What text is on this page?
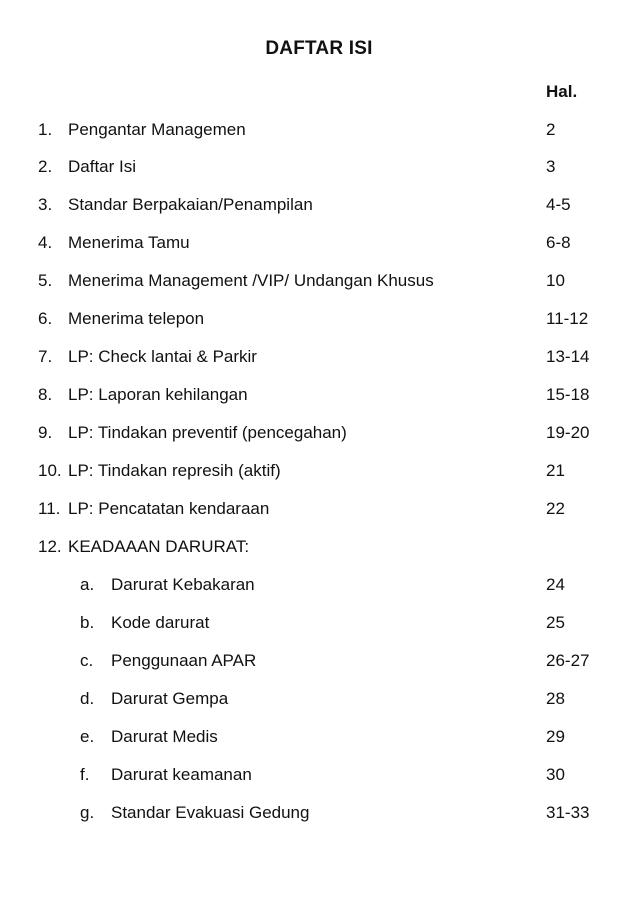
DAFTAR ISI
Hal.
1. Pengantar Managemen	2
2. Daftar Isi	3
3. Standar Berpakaian/Penampilan	4-5
4. Menerima Tamu	6-8
5. Menerima Management /VIP/ Undangan Khusus	10
6. Menerima telepon	11-12
7. LP: Check lantai & Parkir	13-14
8. LP: Laporan kehilangan	15-18
9. LP: Tindakan preventif (pencegahan)	19-20
10. LP: Tindakan represih (aktif)	21
11. LP: Pencatatan kendaraan	22
12. KEADAAAN DARURAT:
a. Darurat Kebakaran	24
b. Kode darurat	25
c. Penggunaan APAR	26-27
d. Darurat Gempa	28
e. Darurat Medis	29
f. Darurat keamanan	30
g. Standar Evakuasi Gedung	31-33
